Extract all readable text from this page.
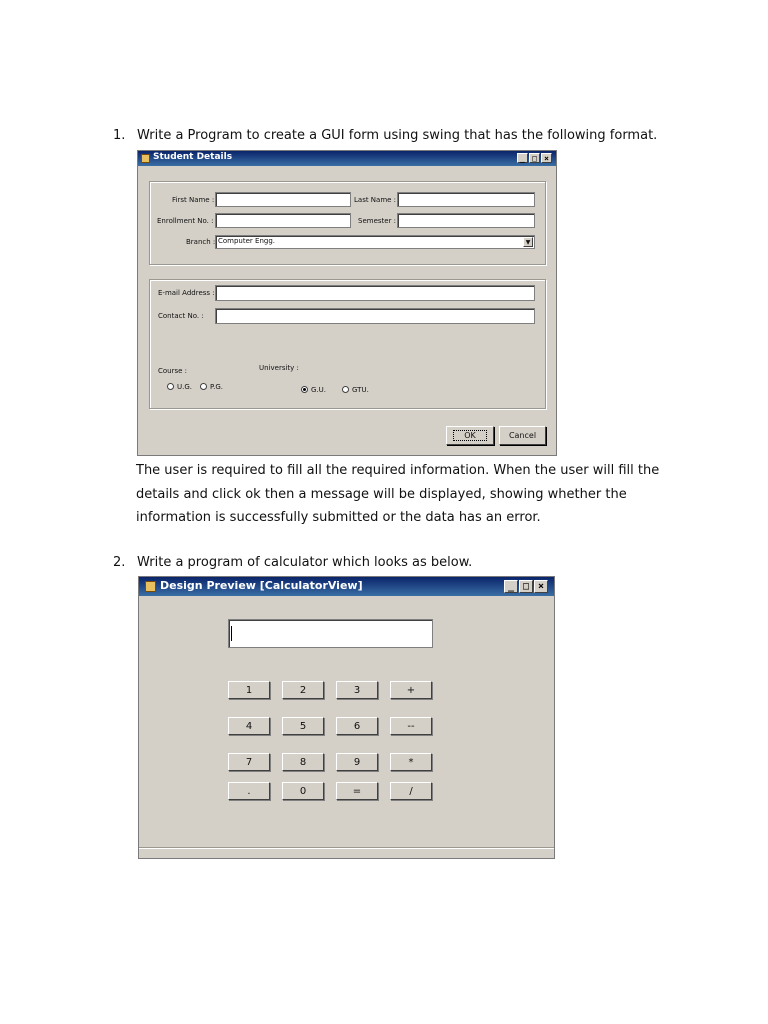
1. Write a Program to create a GUI form using swing that has the following format.
Student Details	_ □ ×
First Name :	Last Name :
Enrollment No. :	Semester :
Branch : Computer Engg.	▼
E-mail Address :
Contact No. :
Course :	University :
U.G.	P.G.	G.U.	GTU.
OK	Cancel
The user is required to fill all the required information. When the user will fill the
details and click ok then a message will be displayed, showing whether the
information is successfully submitted or the data has an error.
2. Write a program of calculator which looks as below.
Design Preview [CalculatorView]	_ □ ×
1	2	3	+
4	5	6	--
7	8	9	*
.	0	=	/
